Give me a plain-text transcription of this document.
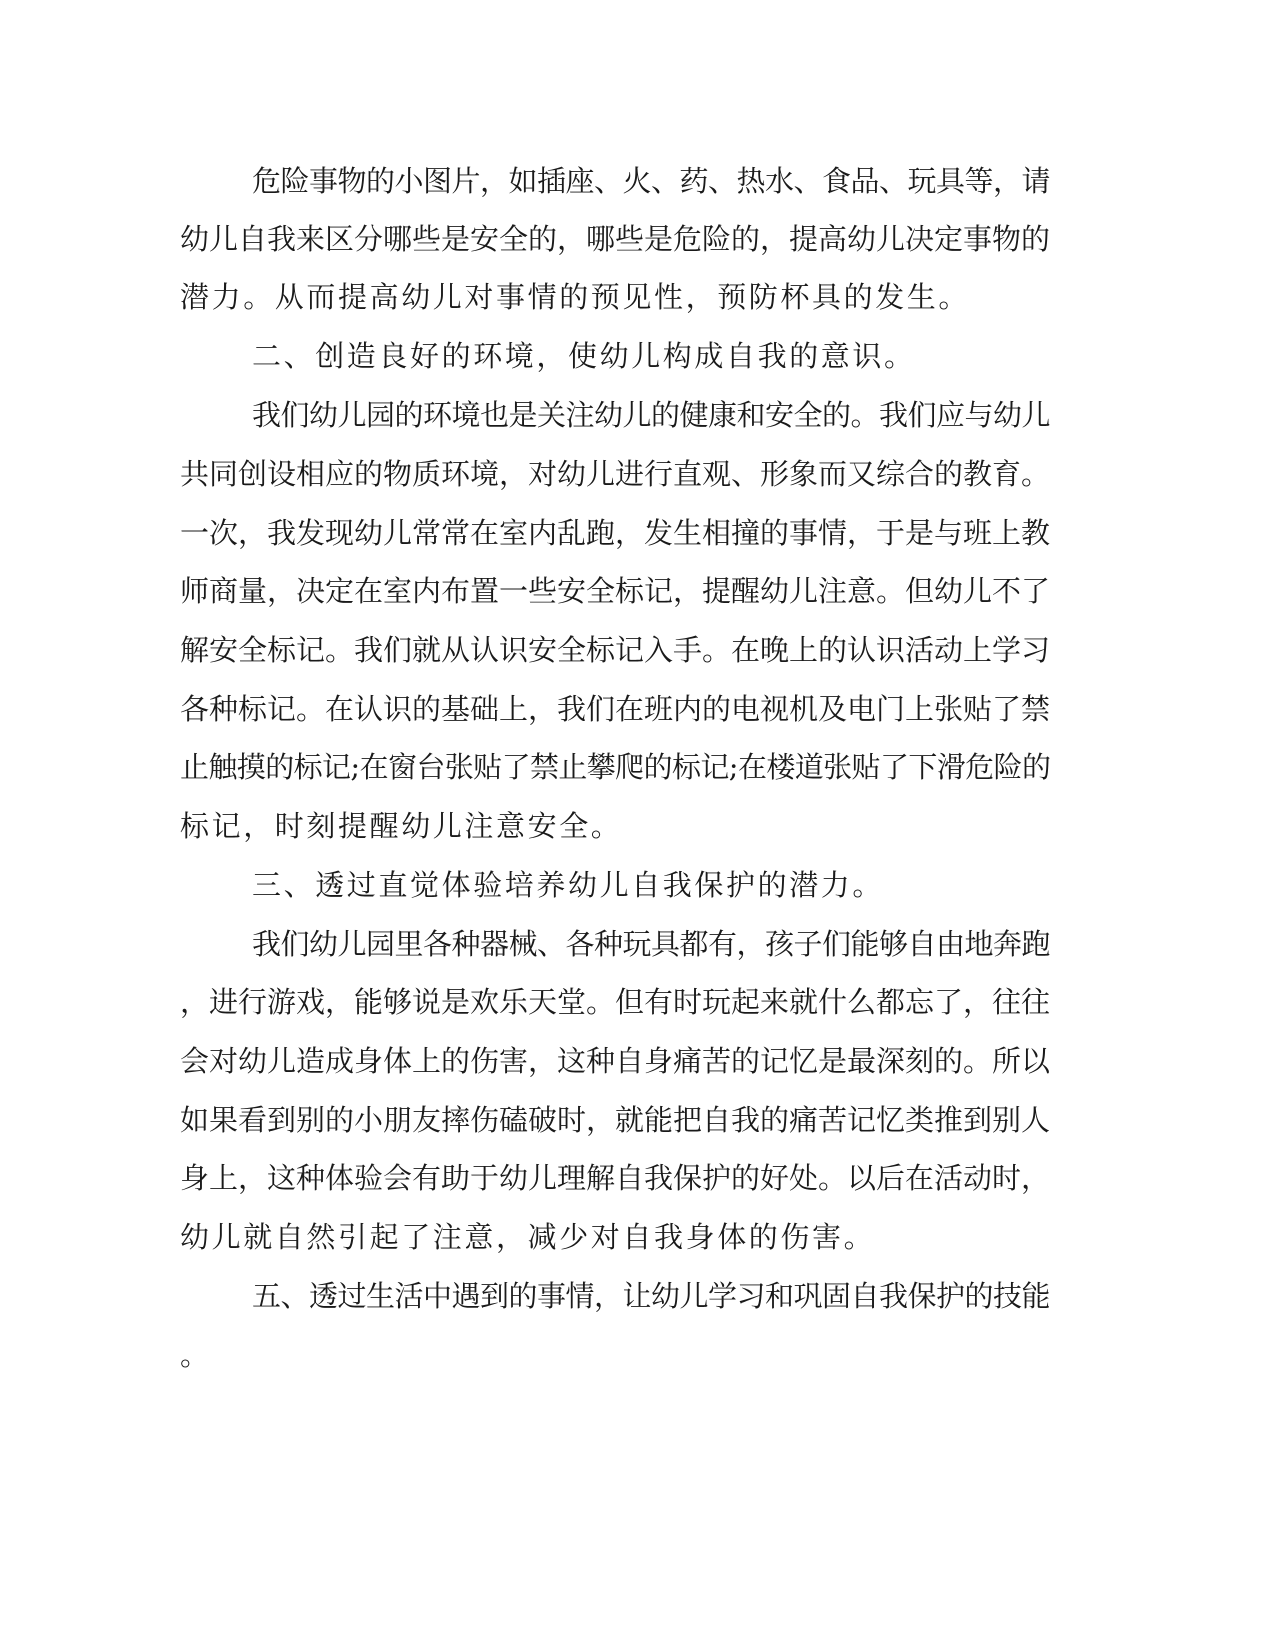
危险事物的小图片，如插座、火、药、热水、食品、玩具等，请
幼儿自我来区分哪些是安全的，哪些是危险的，提高幼儿决定事物的
潜力。从而提高幼儿对事情的预见性，预防杯具的发生。
二、创造良好的环境，使幼儿构成自我的意识。
我们幼儿园的环境也是关注幼儿的健康和安全的。我们应与幼儿
共同创设相应的物质环境，对幼儿进行直观、形象而又综合的教育。
一次，我发现幼儿常常在室内乱跑，发生相撞的事情，于是与班上教
师商量，决定在室内布置一些安全标记，提醒幼儿注意。但幼儿不了
解安全标记。我们就从认识安全标记入手。在晚上的认识活动上学习
各种标记。在认识的基础上，我们在班内的电视机及电门上张贴了禁
止触摸的标记;在窗台张贴了禁止攀爬的标记;在楼道张贴了下滑危险的
标记，时刻提醒幼儿注意安全。
三、透过直觉体验培养幼儿自我保护的潜力。
我们幼儿园里各种器械、各种玩具都有，孩子们能够自由地奔跑
，进行游戏，能够说是欢乐天堂。但有时玩起来就什么都忘了，往往
会对幼儿造成身体上的伤害，这种自身痛苦的记忆是最深刻的。所以
如果看到别的小朋友摔伤磕破时，就能把自我的痛苦记忆类推到别人
身上，这种体验会有助于幼儿理解自我保护的好处。以后在活动时，
幼儿就自然引起了注意，减少对自我身体的伤害。
五、透过生活中遇到的事情，让幼儿学习和巩固自我保护的技能
。
